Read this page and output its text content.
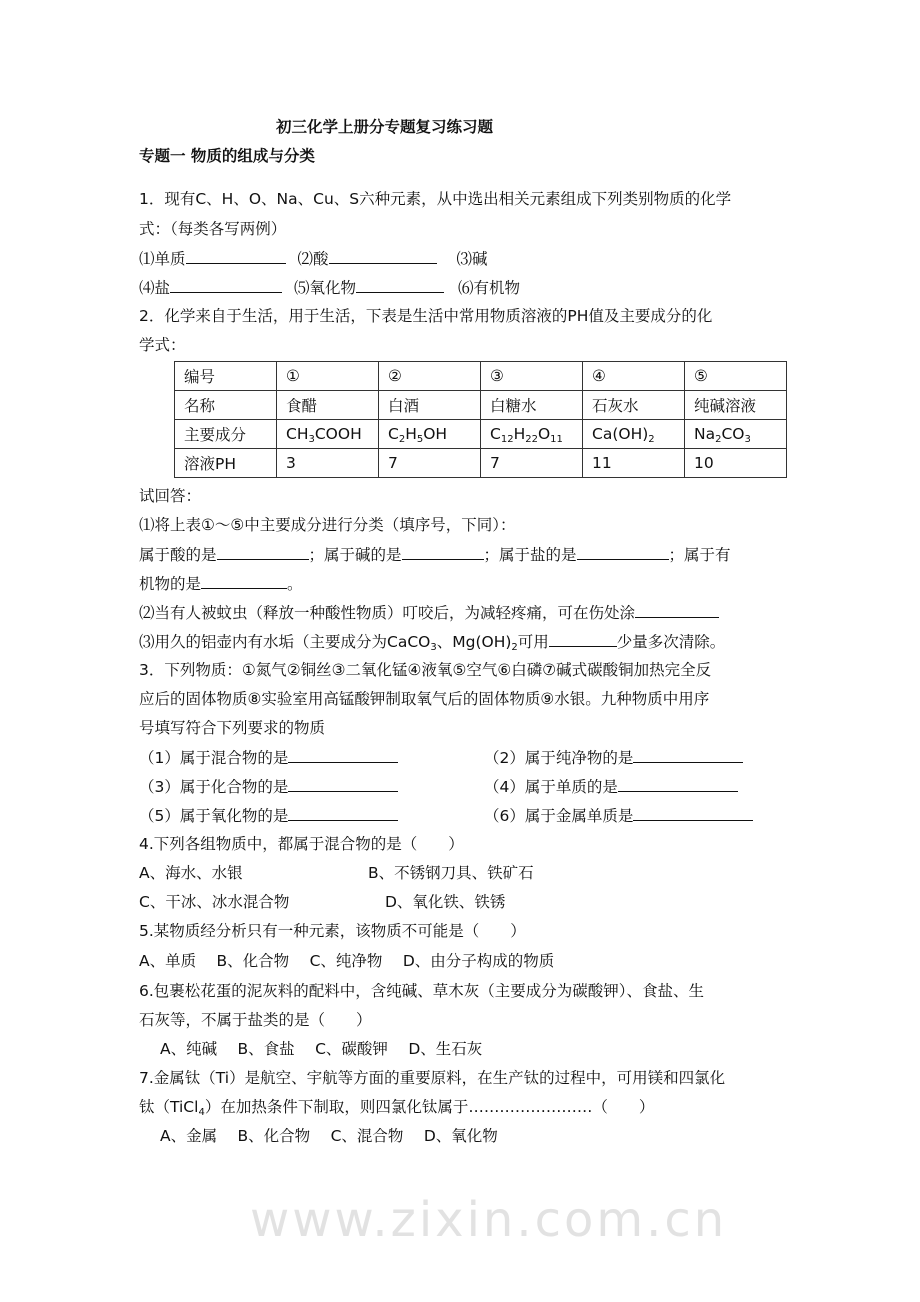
初三化学上册分专题复习练习题
专题一 物质的组成与分类
1．现有C、H、O、Na、Cu、S六种元素，从中选出相关元素组成下列类别物质的化学
式：（每类各写两例）
⑴单质	⑵酸	⑶碱
⑷盐	⑸氧化物	⑹有机物
2．化学来自于生活，用于生活，下表是生活中常用物质溶液的PH值及主要成分的化
学式：
编号	①	②	③	④	⑤
名称	食醋	白酒	白糖水	石灰水	纯碱溶液
主要成分	$CH_3COOH$	$C_2H_5OH$	$C_{12}H_{22}O_{11}$	$Ca(OH)_2$	$Na_2CO_3$
溶液PH	3	7	7	11	10
试回答：
⑴将上表①～⑤中主要成分进行分类（填序号，下同）：
属于酸的是	；属于碱的是	；属于盐的是	；属于有
机物的是	。
⑵当有人被蚊虫（释放一种酸性物质）叮咬后，为减轻疼痛，可在伤处涂
⑶用久的铝壶内有水垢（主要成分为CaCO$_3$、$Mg(OH)_2$可用	少量多次清除。
3．下列物质：①氮气②铜丝③二氧化锰④液氧⑤空气⑥白磷⑦碱式碳酸铜加热完全反
应后的固体物质⑧实验室用高锰酸钾制取氧气后的固体物质⑨水银。九种物质中用序
号填写符合下列要求的物质
（1）属于混合物的是	（2）属于纯净物的是
（3）属于化合物的是	（4）属于单质的是
（5）属于氧化物的是	（6）属于金属单质是
4.下列各组物质中，都属于混合物的是（　　）
A、海水、水银	B、不锈钢刀具、铁矿石
C、干冰、冰水混合物	D、氧化铁、铁锈
5.某物质经分析只有一种元素，该物质不可能是（　　）
A、单质　 B、化合物　 C、纯净物　 D、由分子构成的物质
6.包裹松花蛋的泥灰料的配料中，含纯碱、草木灰（主要成分为碳酸钾）、食盐、生
石灰等，不属于盐类的是（　　）
A、纯碱　 B、食盐　 C、碳酸钾　 D、生石灰
7.金属钛（Ti）是航空、宇航等方面的重要原料，在生产钛的过程中，可用镁和四氯化
钛（TiCl$_4$）在加热条件下制取，则四氯化钛属于……………………（　　）
A、金属　 B、化合物　 C、混合物　 D、氧化物
www.zixin.com.cn
